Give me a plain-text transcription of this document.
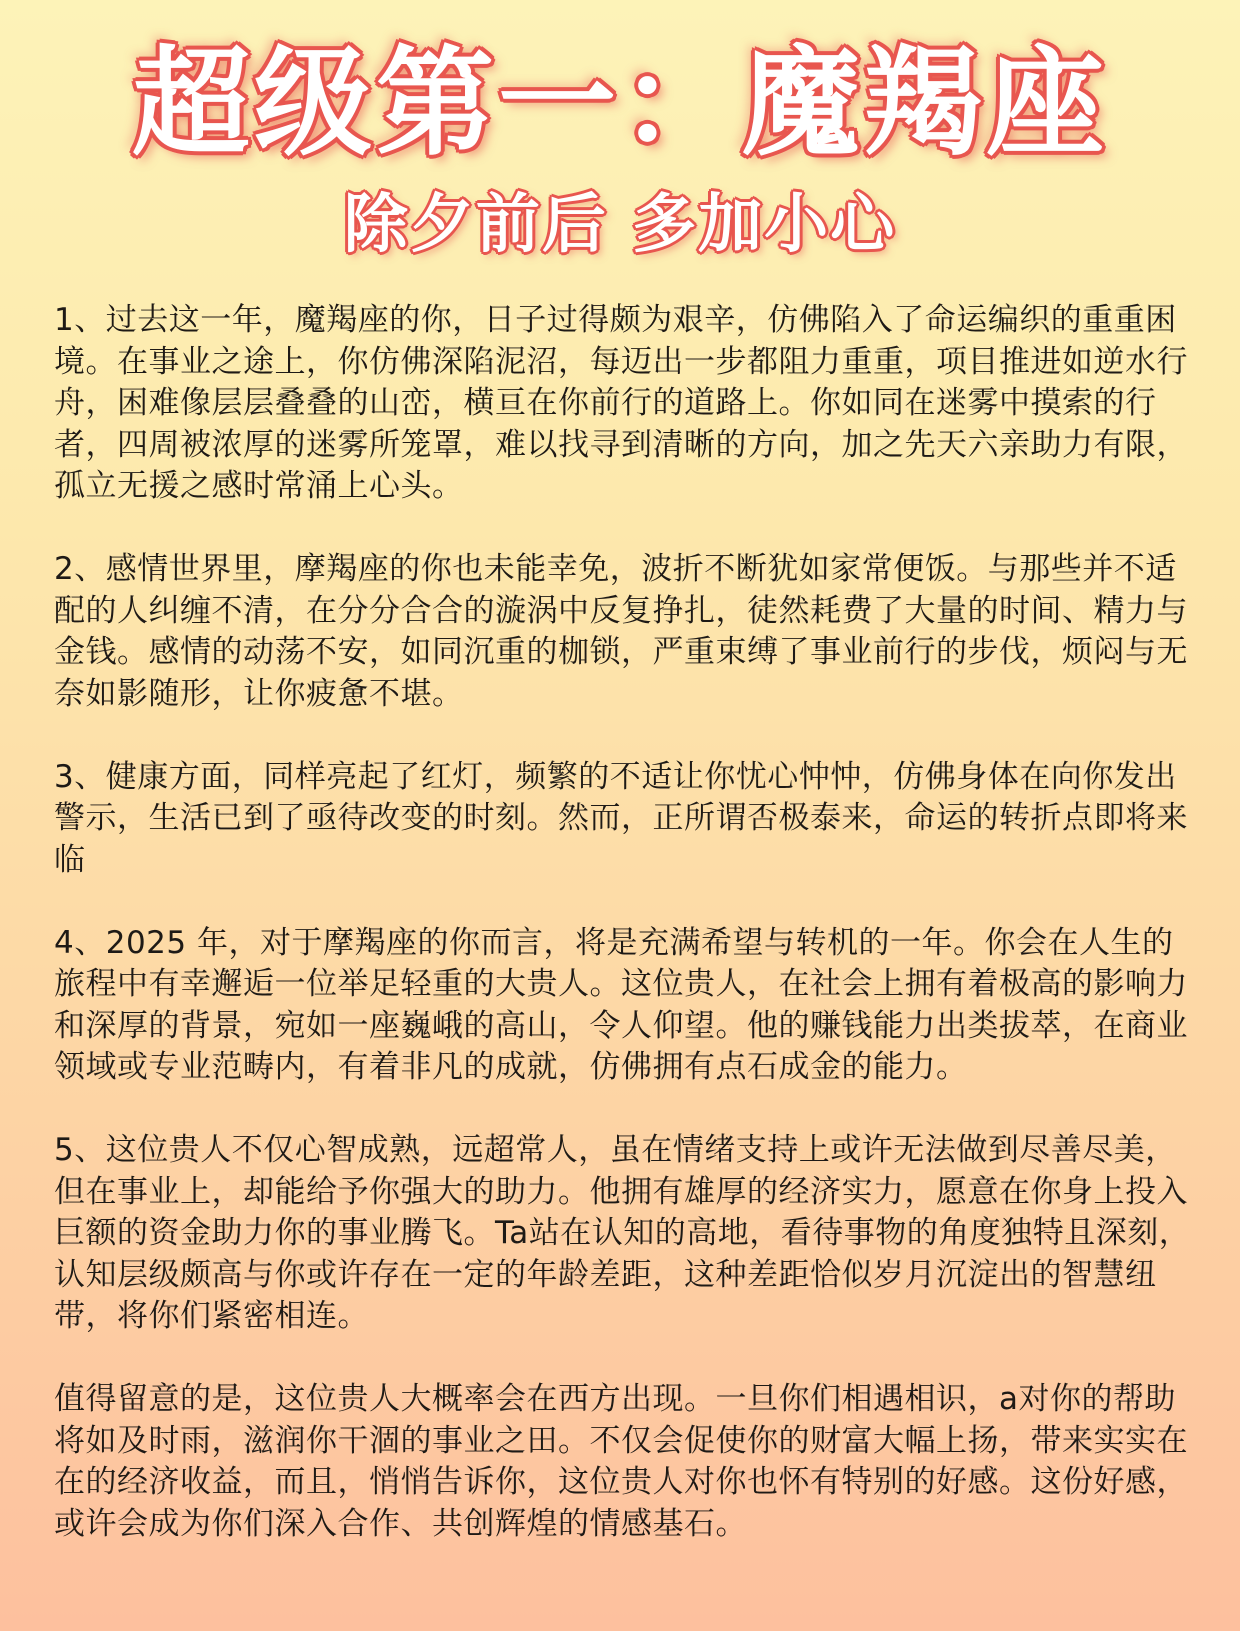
超级第一：魔羯座
除夕前后 多加小心

1、过去这一年，魔羯座的你，日子过得颇为艰辛，仿佛陷入了命运编织的重重困境。在事业之途上，你仿佛深陷泥沼，每迈出一步都阻力重重，项目推进如逆水行舟，困难像层层叠叠的山峦，横亘在你前行的道路上。你如同在迷雾中摸索的行者，四周被浓厚的迷雾所笼罩，难以找寻到清晰的方向，加之先天六亲助力有限，孤立无援之感时常涌上心头。

2、感情世界里，摩羯座的你也未能幸免，波折不断犹如家常便饭。与那些并不适配的人纠缠不清，在分分合合的漩涡中反复挣扎，徒然耗费了大量的时间、精力与金钱。感情的动荡不安，如同沉重的枷锁，严重束缚了事业前行的步伐，烦闷与无奈如影随形，让你疲惫不堪。

3、健康方面，同样亮起了红灯，频繁的不适让你忧心忡忡，仿佛身体在向你发出警示，生活已到了亟待改变的时刻。然而，正所谓否极泰来，命运的转折点即将来临

4、2025 年，对于摩羯座的你而言，将是充满希望与转机的一年。你会在人生的旅程中有幸邂逅一位举足轻重的大贵人。这位贵人，在社会上拥有着极高的影响力和深厚的背景，宛如一座巍峨的高山，令人仰望。他的赚钱能力出类拔萃，在商业领域或专业范畴内，有着非凡的成就，仿佛拥有点石成金的能力。

5、这位贵人不仅心智成熟，远超常人，虽在情绪支持上或许无法做到尽善尽美，但在事业上，却能给予你强大的助力。他拥有雄厚的经济实力，愿意在你身上投入巨额的资金助力你的事业腾飞。Ta站在认知的高地，看待事物的角度独特且深刻，认知层级颇高与你或许存在一定的年龄差距，这种差距恰似岁月沉淀出的智慧纽带，将你们紧密相连。

值得留意的是，这位贵人大概率会在西方出现。一旦你们相遇相识，a对你的帮助将如及时雨，滋润你干涸的事业之田。不仅会促使你的财富大幅上扬，带来实实在在的经济收益，而且，悄悄告诉你，这位贵人对你也怀有特别的好感。这份好感，或许会成为你们深入合作、共创辉煌的情感基石。
